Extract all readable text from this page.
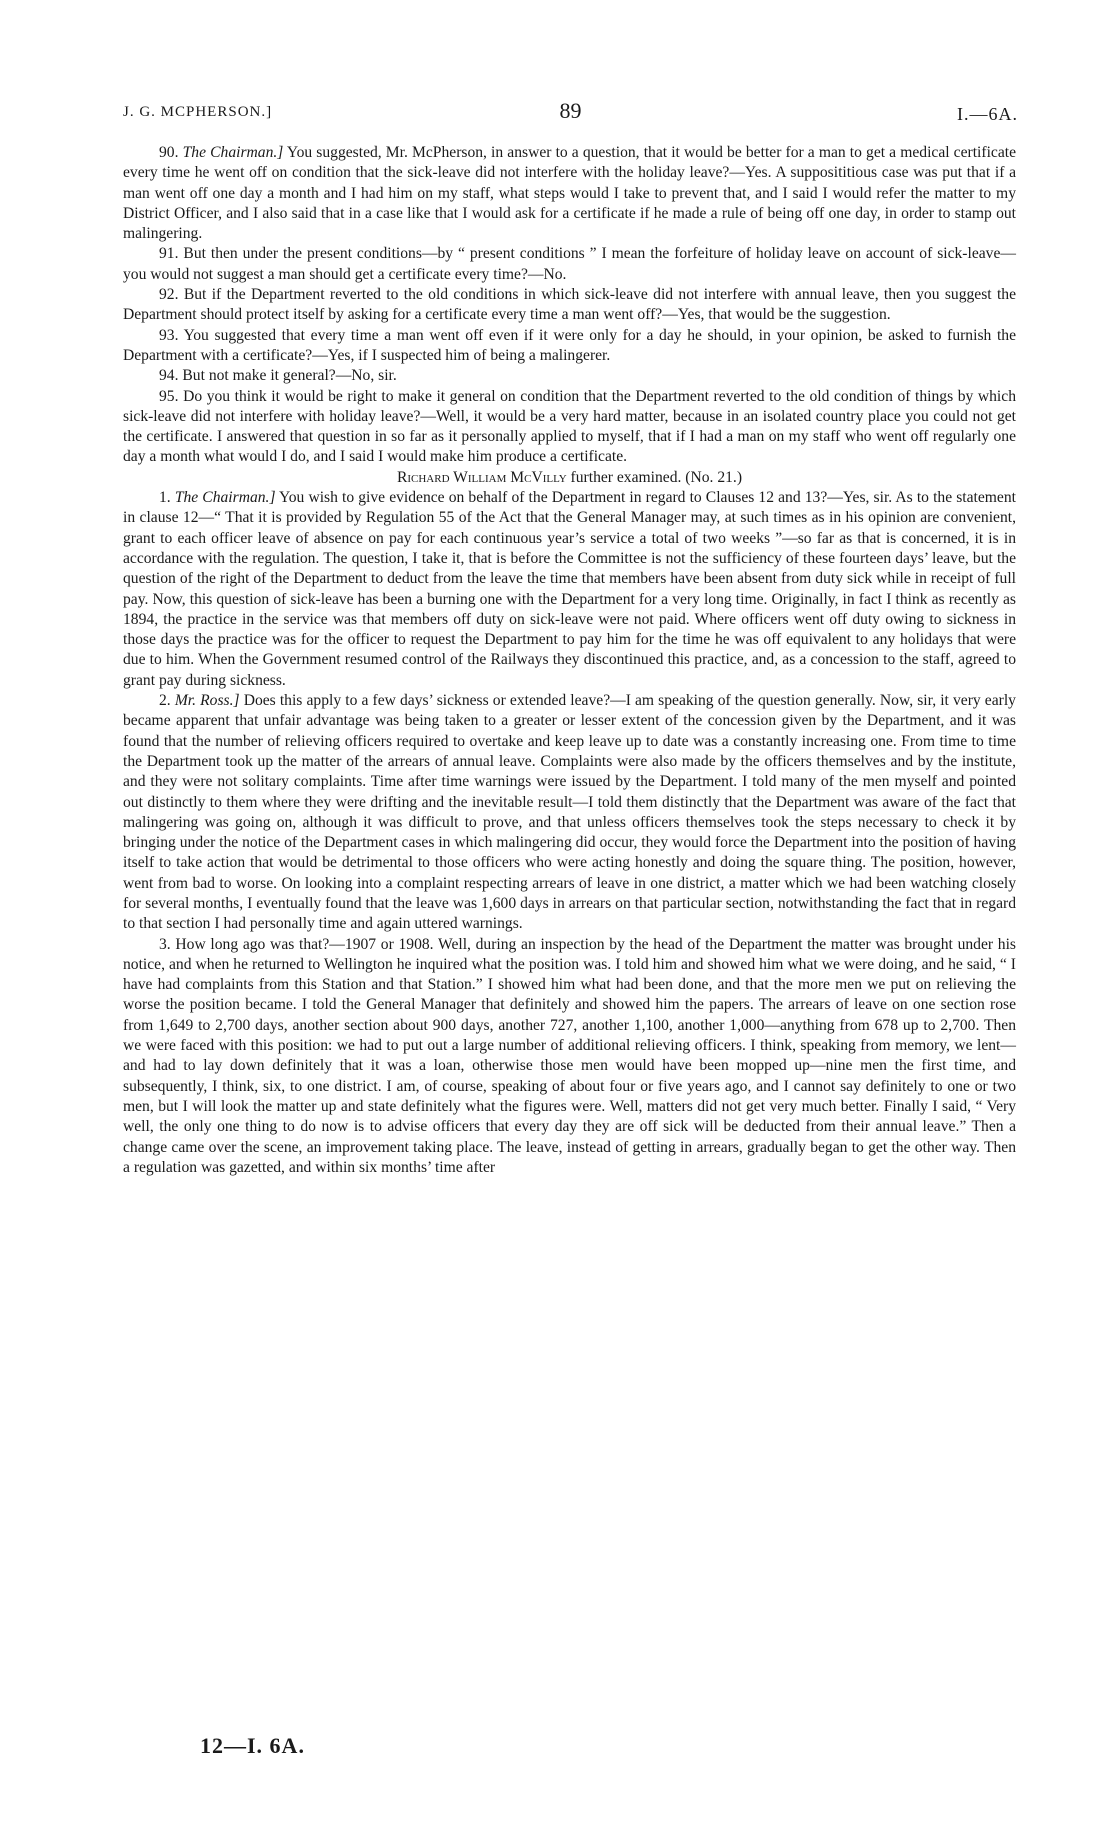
J. G. MCPHERSON.]	89	I.—6A.

90. The Chairman.] You suggested, Mr. McPherson, in answer to a question, that it would be better for a man to get a medical certificate every time he went off on condition that the sick-leave did not interfere with the holiday leave?—Yes. A supposititious case was put that if a man went off one day a month and I had him on my staff, what steps would I take to prevent that, and I said I would refer the matter to my District Officer, and I also said that in a case like that I would ask for a certificate if he made a rule of being off one day, in order to stamp out malingering.

91. But then under the present conditions—by “ present conditions ” I mean the forfeiture of holiday leave on account of sick-leave—you would not suggest a man should get a certificate every time?—No.

92. But if the Department reverted to the old conditions in which sick-leave did not interfere with annual leave, then you suggest the Department should protect itself by asking for a certificate every time a man went off?—Yes, that would be the suggestion.

93. You suggested that every time a man went off even if it were only for a day he should, in your opinion, be asked to furnish the Department with a certificate?—Yes, if I suspected him of being a malingerer.

94. But not make it general?—No, sir.

95. Do you think it would be right to make it general on condition that the Department reverted to the old condition of things by which sick-leave did not interfere with holiday leave?—Well, it would be a very hard matter, because in an isolated country place you could not get the certificate. I answered that question in so far as it personally applied to myself, that if I had a man on my staff who went off regularly one day a month what would I do, and I said I would make him produce a certificate.

Richard William McVilly further examined. (No. 21.)

1. The Chairman.] You wish to give evidence on behalf of the Department in regard to Clauses 12 and 13?—Yes, sir. As to the statement in clause 12—“ That it is provided by Regulation 55 of the Act that the General Manager may, at such times as in his opinion are convenient, grant to each officer leave of absence on pay for each continuous year’s service a total of two weeks ”—so far as that is concerned, it is in accordance with the regulation. The question, I take it, that is before the Committee is not the sufficiency of these fourteen days’ leave, but the question of the right of the Department to deduct from the leave the time that members have been absent from duty sick while in receipt of full pay. Now, this question of sick-leave has been a burning one with the Department for a very long time. Originally, in fact I think as recently as 1894, the practice in the service was that members off duty on sick-leave were not paid. Where officers went off duty owing to sickness in those days the practice was for the officer to request the Department to pay him for the time he was off equivalent to any holidays that were due to him. When the Government resumed control of the Railways they discontinued this practice, and, as a concession to the staff, agreed to grant pay during sickness.

2. Mr. Ross.] Does this apply to a few days’ sickness or extended leave?—I am speaking of the question generally. Now, sir, it very early became apparent that unfair advantage was being taken to a greater or lesser extent of the concession given by the Department, and it was found that the number of relieving officers required to overtake and keep leave up to date was a constantly increasing one. From time to time the Department took up the matter of the arrears of annual leave. Complaints were also made by the officers themselves and by the institute, and they were not solitary complaints. Time after time warnings were issued by the Department. I told many of the men myself and pointed out distinctly to them where they were drifting and the inevitable result—I told them distinctly that the Department was aware of the fact that malingering was going on, although it was difficult to prove, and that unless officers themselves took the steps necessary to check it by bringing under the notice of the Department cases in which malingering did occur, they would force the Department into the position of having itself to take action that would be detrimental to those officers who were acting honestly and doing the square thing. The position, however, went from bad to worse. On looking into a complaint respecting arrears of leave in one district, a matter which we had been watching closely for several months, I eventually found that the leave was 1,600 days in arrears on that particular section, notwithstanding the fact that in regard to that section I had personally time and again uttered warnings.

3. How long ago was that?—1907 or 1908. Well, during an inspection by the head of the Department the matter was brought under his notice, and when he returned to Wellington he inquired what the position was. I told him and showed him what we were doing, and he said, “ I have had complaints from this Station and that Station.” I showed him what had been done, and that the more men we put on relieving the worse the position became. I told the General Manager that definitely and showed him the papers. The arrears of leave on one section rose from 1,649 to 2,700 days, another section about 900 days, another 727, another 1,100, another 1,000—anything from 678 up to 2,700. Then we were faced with this position: we had to put out a large number of additional relieving officers. I think, speaking from memory, we lent—and had to lay down definitely that it was a loan, otherwise those men would have been mopped up—nine men the first time, and subsequently, I think, six, to one district. I am, of course, speaking of about four or five years ago, and I cannot say definitely to one or two men, but I will look the matter up and state definitely what the figures were. Well, matters did not get very much better. Finally I said, “ Very well, the only one thing to do now is to advise officers that every day they are off sick will be deducted from their annual leave.” Then a change came over the scene, an improvement taking place. The leave, instead of getting in arrears, gradually began to get the other way. Then a regulation was gazetted, and within six months’ time after

12—I. 6A.
